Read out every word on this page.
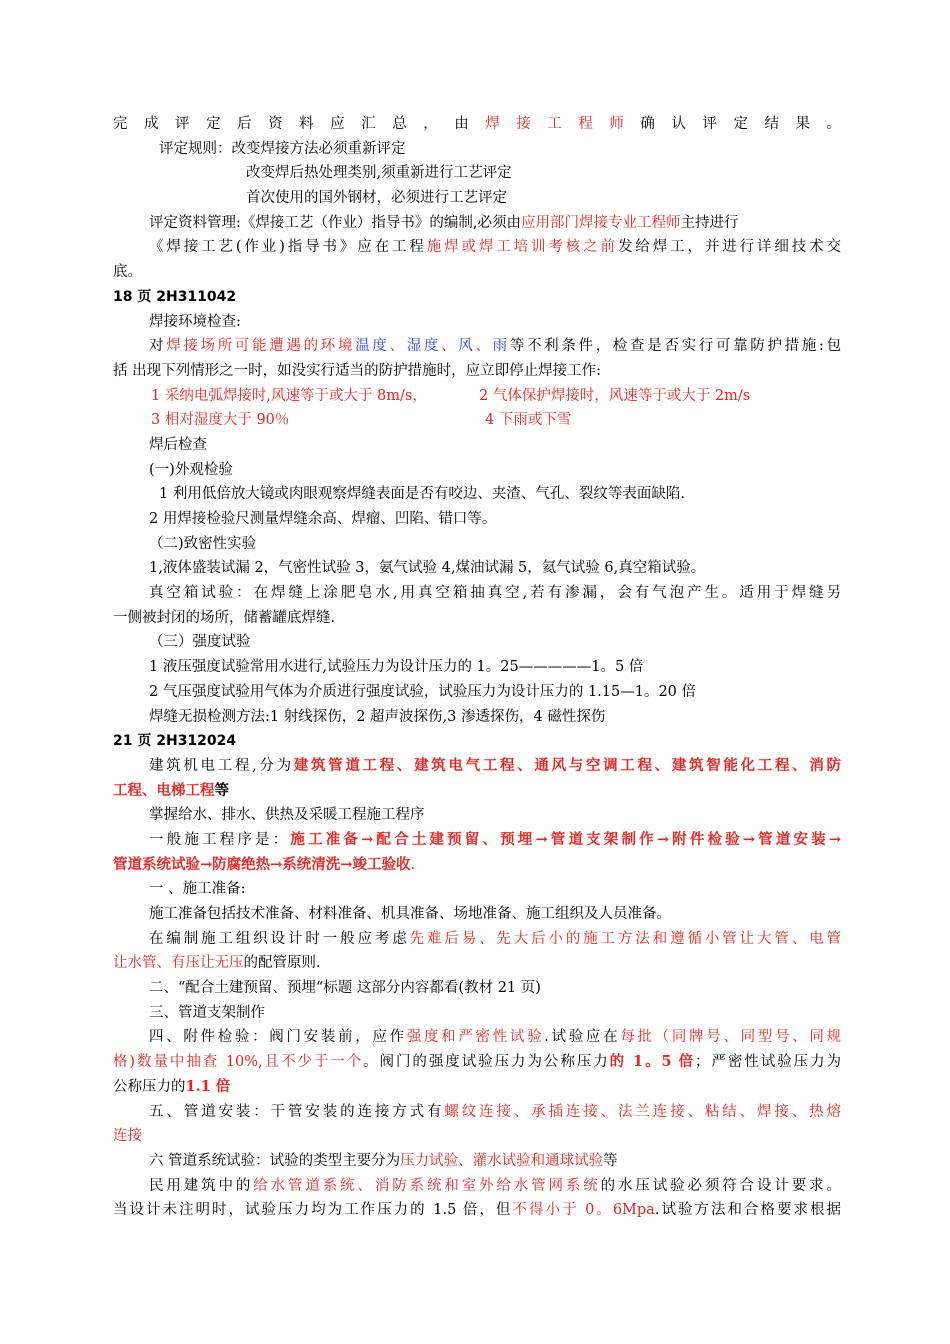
完成评定后资料应汇总，由焊接工程师确认评定结果。
评定规则：改变焊接方法必须重新评定
改变焊后热处理类别,须重新进行工艺评定
首次使用的国外钢材，必须进行工艺评定
评定资料管理:《焊接工艺（作业）指导书》的编制,必须由应用部门焊接专业工程师主持进行
《焊接工艺(作业)指导书》应在工程施焊或焊工培训考核之前发给焊工，并进行详细技术交
底。
18 页 2H311042
焊接环境检查:
对焊接场所可能遭遇的环境温度、湿度、风、雨等不利条件，检查是否实行可靠防护措施:包
括 出现下列情形之一时，如没实行适当的防护措施时，应立即停止焊接工作:
1 采纳电弧焊接时,风速等于或大于 8m/s，	2 气体保护焊接时，风速等于或大于 2m/s
3 相对湿度大于 90％	4 下雨或下雪
焊后检查
(一)外观检验
1 利用低倍放大镜或肉眼观察焊缝表面是否有咬边、夹渣、气孔、裂纹等表面缺陷.
2 用焊接检验尺测量焊缝余高、焊瘤、凹陷、错口等。
（二)致密性实验
1,液体盛装试漏 2，气密性试验 3，氨气试验 4,煤油试漏 5，氦气试验 6,真空箱试验。
真空箱试验：在焊缝上涂肥皂水,用真空箱抽真空,若有渗漏，会有气泡产生。适用于焊缝另
一侧被封闭的场所，储蓄罐底焊缝.
（三）强度试验
1 液压强度试验常用水进行,试验压力为设计压力的 1。25—————1。5 倍
2 气压强度试验用气体为介质进行强度试验，试验压力为设计压力的 1.15—1。20 倍
焊缝无损检测方法:1 射线探伤，2 超声波探伤,3 渗透探伤，4 磁性探伤
21 页 2H312024
建筑机电工程,分为建筑管道工程、建筑电气工程、通风与空调工程、建筑智能化工程、消防
工程、电梯工程等
掌握给水、排水、供热及采暖工程施工程序
一般施工程序是：施工准备→配合土建预留、预埋→管道支架制作→附件检验→管道安装→
管道系统试验→防腐绝热→系统清洗→竣工验收.
一 、施工准备:
施工准备包括技术准备、材料准备、机具准备、场地准备、施工组织及人员准备。
在编制施工组织设计时一般应考虑先难后易、先大后小的施工方法和遵循小管让大管、电管
让水管、有压让无压的配管原则.
二、“配合土建预留、预埋“标题 这部分内容都看(教材 21 页)
三、管道支架制作
四、附件检验：阀门安装前，应作强度和严密性试验.试验应在每批（同牌号、同型号、同规
格)数量中抽查 10%,且不少于一个。阀门的强度试验压力为公称压力的 1。5 倍；严密性试验压力为
公称压力的1.1 倍
五、管道安装：干管安装的连接方式有螺纹连接、承插连接、法兰连接、粘结、焊接、热熔
连接
六 管道系统试验：试验的类型主要分为压力试验、灌水试验和通球试验等
民用建筑中的给水管道系统、消防系统和室外给水管网系统的水压试验必须符合设计要求。
当设计未注明时，试验压力均为工作压力的 1.5 倍，但不得小于 0。6Mpa.试验方法和合格要求根据
